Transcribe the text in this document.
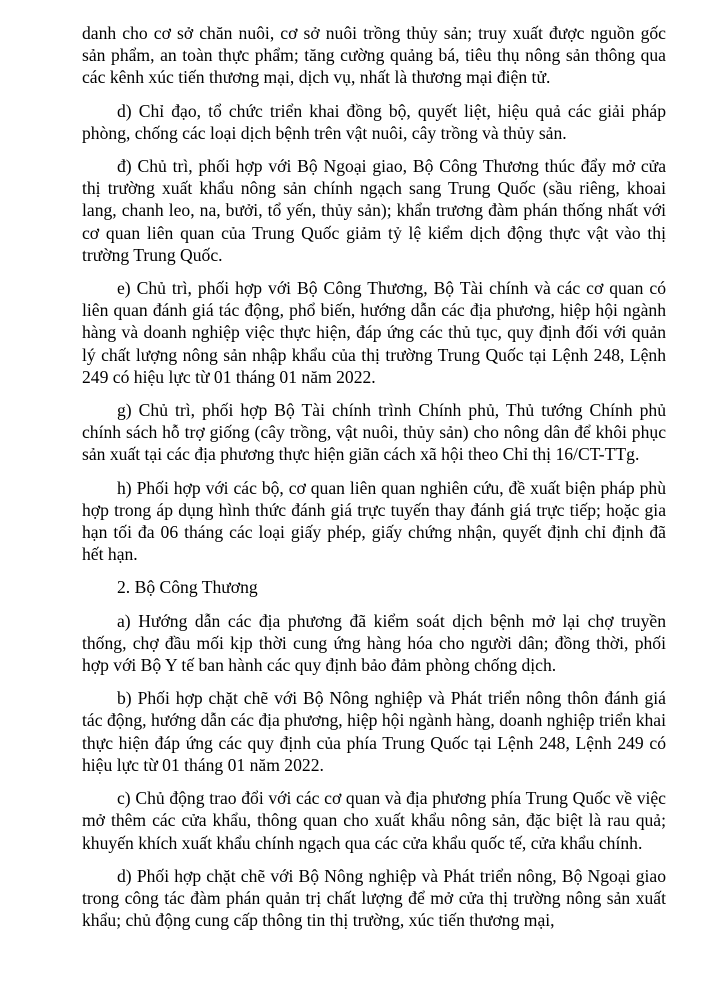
danh cho cơ sở chăn nuôi, cơ sở nuôi trồng thủy sản; truy xuất được nguồn gốc sản phẩm, an toàn thực phẩm; tăng cường quảng bá, tiêu thụ nông sản thông qua các kênh xúc tiến thương mại, dịch vụ, nhất là thương mại điện tử.

d) Chỉ đạo, tổ chức triển khai đồng bộ, quyết liệt, hiệu quả các giải pháp phòng, chống các loại dịch bệnh trên vật nuôi, cây trồng và thủy sản.

đ) Chủ trì, phối hợp với Bộ Ngoại giao, Bộ Công Thương thúc đẩy mở cửa thị trường xuất khẩu nông sản chính ngạch sang Trung Quốc (sầu riêng, khoai lang, chanh leo, na, bưởi, tổ yến, thủy sản); khẩn trương đàm phán thống nhất với cơ quan liên quan của Trung Quốc giảm tỷ lệ kiểm dịch động thực vật vào thị trường Trung Quốc.

e) Chủ trì, phối hợp với Bộ Công Thương, Bộ Tài chính và các cơ quan có liên quan đánh giá tác động, phổ biến, hướng dẫn các địa phương, hiệp hội ngành hàng và doanh nghiệp việc thực hiện, đáp ứng các thủ tục, quy định đối với quản lý chất lượng nông sản nhập khẩu của thị trường Trung Quốc tại Lệnh 248, Lệnh 249 có hiệu lực từ 01 tháng 01 năm 2022.

g) Chủ trì, phối hợp Bộ Tài chính trình Chính phủ, Thủ tướng Chính phủ chính sách hỗ trợ giống (cây trồng, vật nuôi, thủy sản) cho nông dân để khôi phục sản xuất tại các địa phương thực hiện giãn cách xã hội theo Chỉ thị 16/CT-TTg.

h) Phối hợp với các bộ, cơ quan liên quan nghiên cứu, đề xuất biện pháp phù hợp trong áp dụng hình thức đánh giá trực tuyến thay đánh giá trực tiếp; hoặc gia hạn tối đa 06 tháng các loại giấy phép, giấy chứng nhận, quyết định chỉ định đã hết hạn.

2. Bộ Công Thương

a) Hướng dẫn các địa phương đã kiểm soát dịch bệnh mở lại chợ truyền thống, chợ đầu mối kịp thời cung ứng hàng hóa cho người dân; đồng thời, phối hợp với Bộ Y tế ban hành các quy định bảo đảm phòng chống dịch.

b) Phối hợp chặt chẽ với Bộ Nông nghiệp và Phát triển nông thôn đánh giá tác động, hướng dẫn các địa phương, hiệp hội ngành hàng, doanh nghiệp triển khai thực hiện đáp ứng các quy định của phía Trung Quốc tại Lệnh 248, Lệnh 249 có hiệu lực từ 01 tháng 01 năm 2022.

c) Chủ động trao đổi với các cơ quan và địa phương phía Trung Quốc về việc mở thêm các cửa khẩu, thông quan cho xuất khẩu nông sản, đặc biệt là rau quả; khuyến khích xuất khẩu chính ngạch qua các cửa khẩu quốc tế, cửa khẩu chính.

d) Phối hợp chặt chẽ với Bộ Nông nghiệp và Phát triển nông, Bộ Ngoại giao trong công tác đàm phán quản trị chất lượng để mở cửa thị trường nông sản xuất khẩu; chủ động cung cấp thông tin thị trường, xúc tiến thương mại,
